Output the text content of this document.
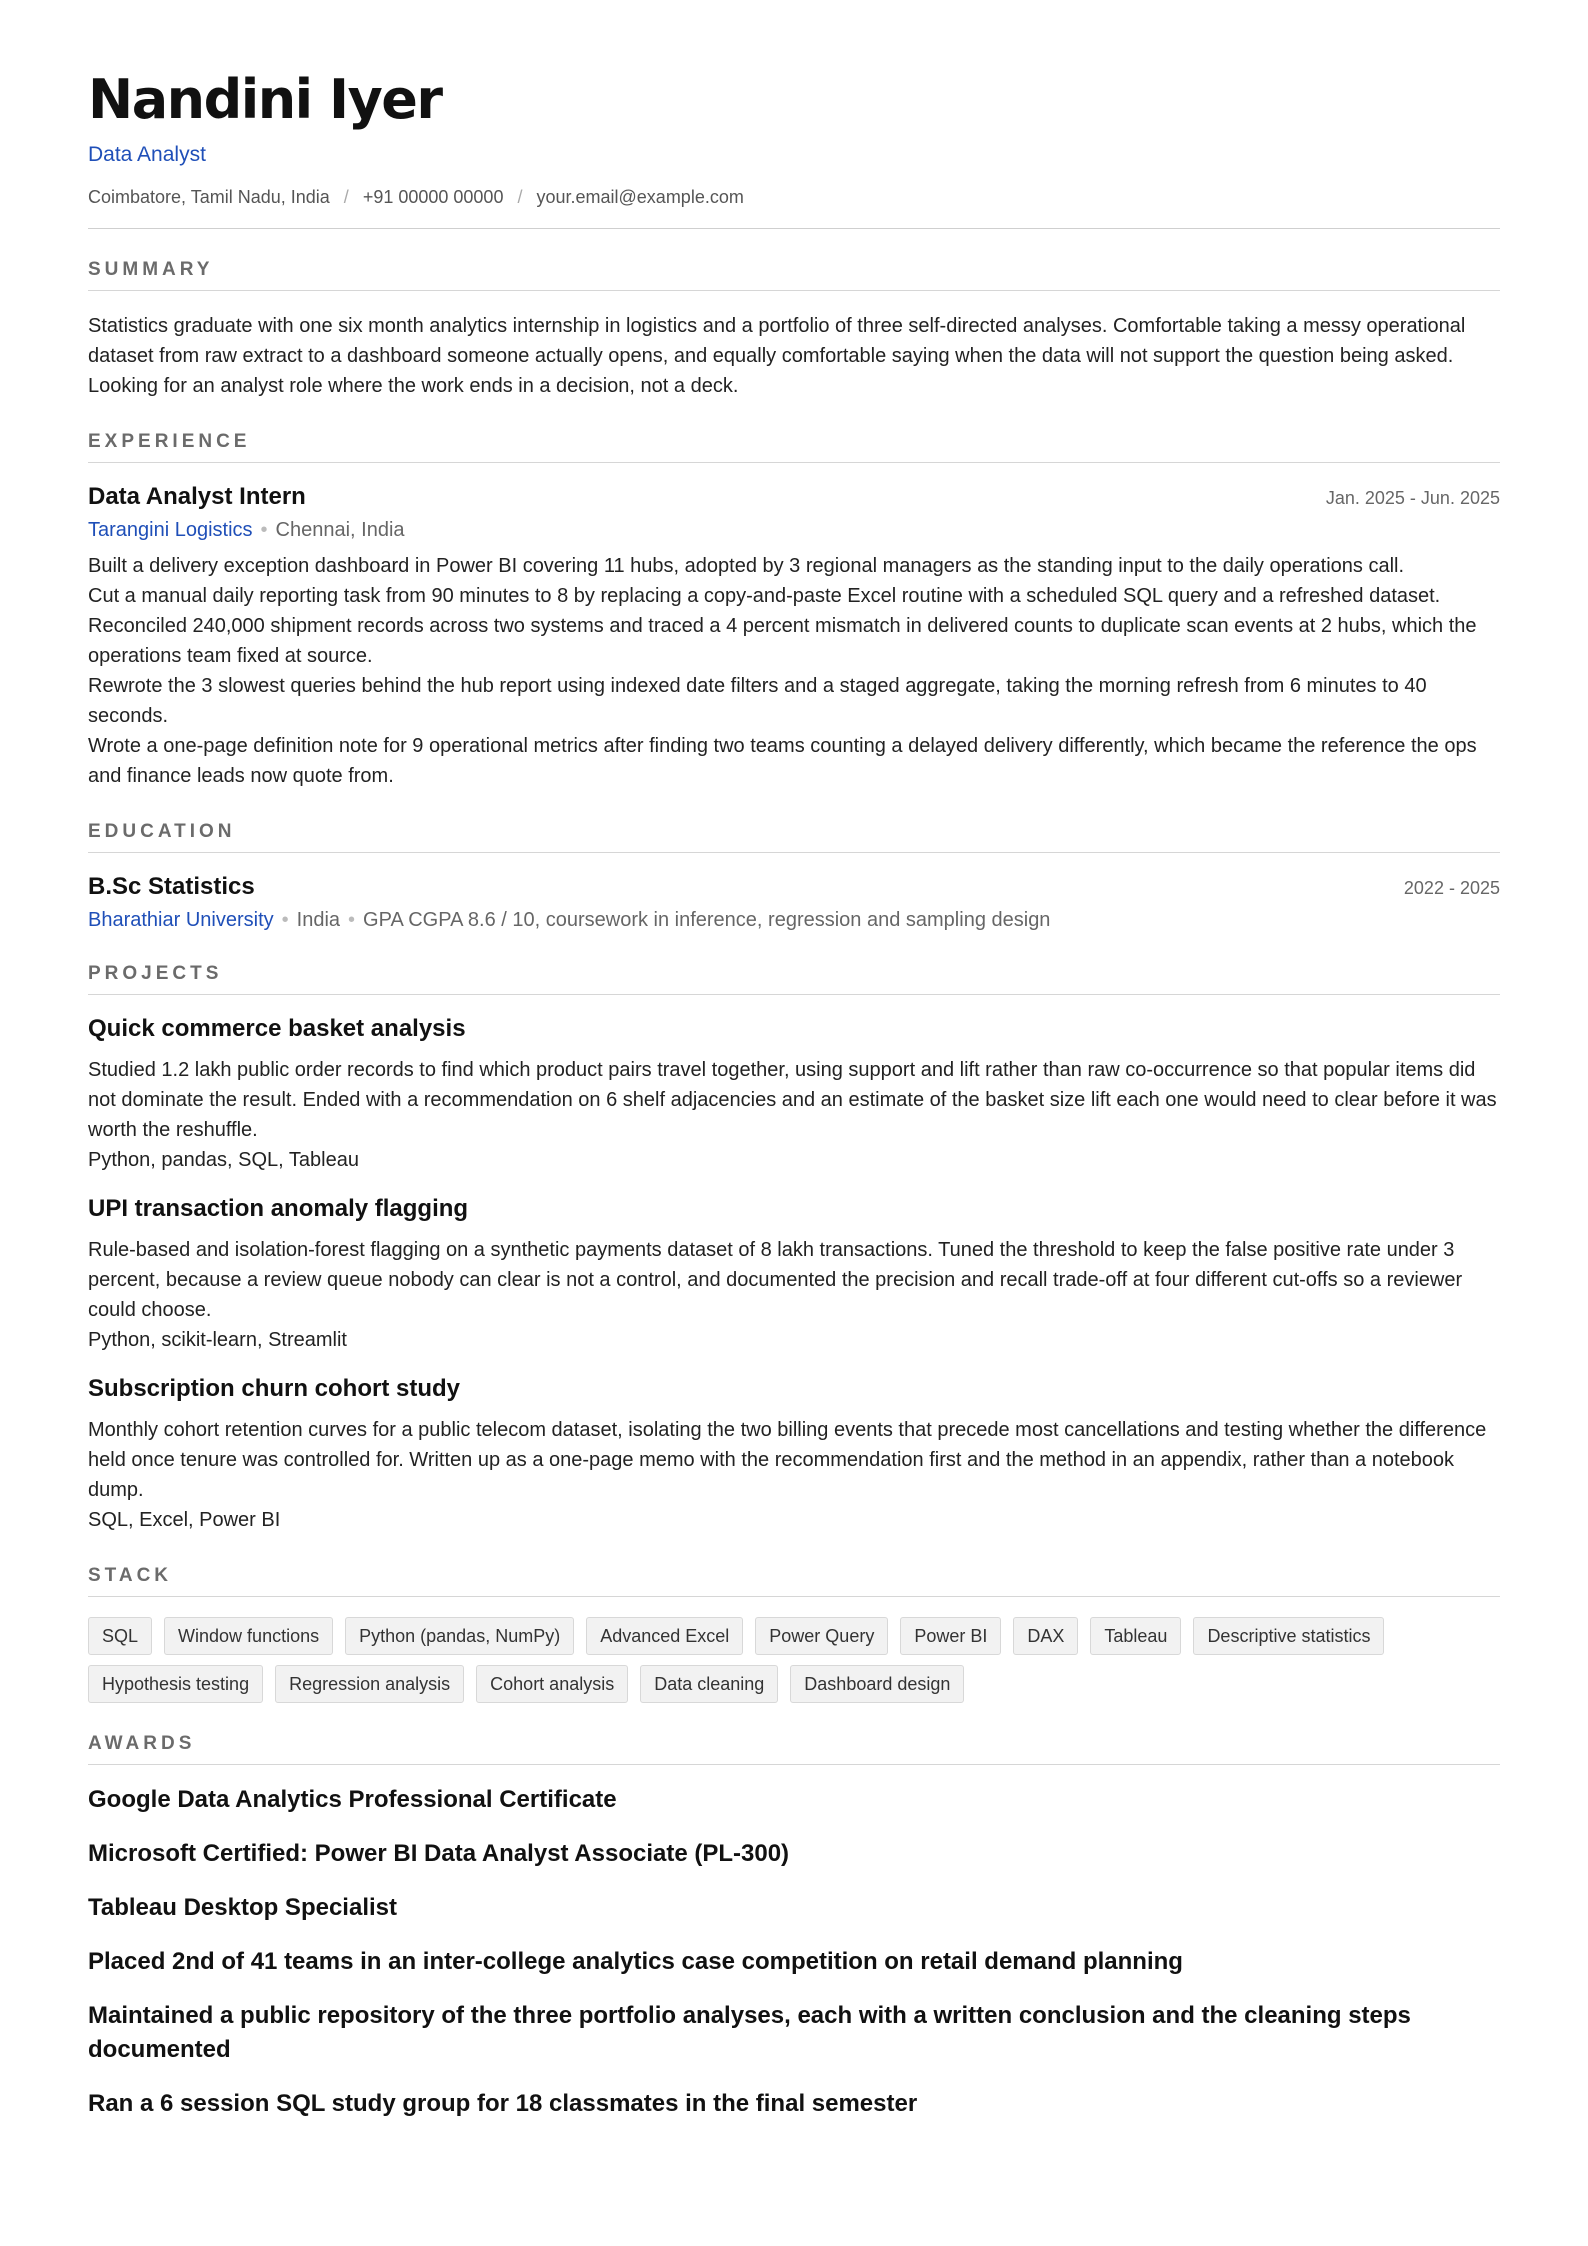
Nandini Iyer
Data Analyst
Coimbatore, Tamil Nadu, India / +91 00000 00000 / your.email@example.com
SUMMARY
Statistics graduate with one six month analytics internship in logistics and a portfolio of three self-directed analyses. Comfortable taking a messy operational dataset from raw extract to a dashboard someone actually opens, and equally comfortable saying when the data will not support the question being asked. Looking for an analyst role where the work ends in a decision, not a deck.
EXPERIENCE
Data Analyst Intern	Jan. 2025 - Jun. 2025
Tarangini Logistics • Chennai, India
Built a delivery exception dashboard in Power BI covering 11 hubs, adopted by 3 regional managers as the standing input to the daily operations call.
Cut a manual daily reporting task from 90 minutes to 8 by replacing a copy-and-paste Excel routine with a scheduled SQL query and a refreshed dataset.
Reconciled 240,000 shipment records across two systems and traced a 4 percent mismatch in delivered counts to duplicate scan events at 2 hubs, which the operations team fixed at source.
Rewrote the 3 slowest queries behind the hub report using indexed date filters and a staged aggregate, taking the morning refresh from 6 minutes to 40 seconds.
Wrote a one-page definition note for 9 operational metrics after finding two teams counting a delayed delivery differently, which became the reference the ops and finance leads now quote from.
EDUCATION
B.Sc Statistics	2022 - 2025
Bharathiar University • India • GPA CGPA 8.6 / 10, coursework in inference, regression and sampling design
PROJECTS
Quick commerce basket analysis
Studied 1.2 lakh public order records to find which product pairs travel together, using support and lift rather than raw co-occurrence so that popular items did not dominate the result. Ended with a recommendation on 6 shelf adjacencies and an estimate of the basket size lift each one would need to clear before it was worth the reshuffle.
Python, pandas, SQL, Tableau
UPI transaction anomaly flagging
Rule-based and isolation-forest flagging on a synthetic payments dataset of 8 lakh transactions. Tuned the threshold to keep the false positive rate under 3 percent, because a review queue nobody can clear is not a control, and documented the precision and recall trade-off at four different cut-offs so a reviewer could choose.
Python, scikit-learn, Streamlit
Subscription churn cohort study
Monthly cohort retention curves for a public telecom dataset, isolating the two billing events that precede most cancellations and testing whether the difference held once tenure was controlled for. Written up as a one-page memo with the recommendation first and the method in an appendix, rather than a notebook dump.
SQL, Excel, Power BI
STACK
SQL	Window functions	Python (pandas, NumPy)	Advanced Excel	Power Query	Power BI	DAX	Tableau	Descriptive statistics
Hypothesis testing	Regression analysis	Cohort analysis	Data cleaning	Dashboard design
AWARDS
Google Data Analytics Professional Certificate
Microsoft Certified: Power BI Data Analyst Associate (PL-300)
Tableau Desktop Specialist
Placed 2nd of 41 teams in an inter-college analytics case competition on retail demand planning
Maintained a public repository of the three portfolio analyses, each with a written conclusion and the cleaning steps documented
Ran a 6 session SQL study group for 18 classmates in the final semester
